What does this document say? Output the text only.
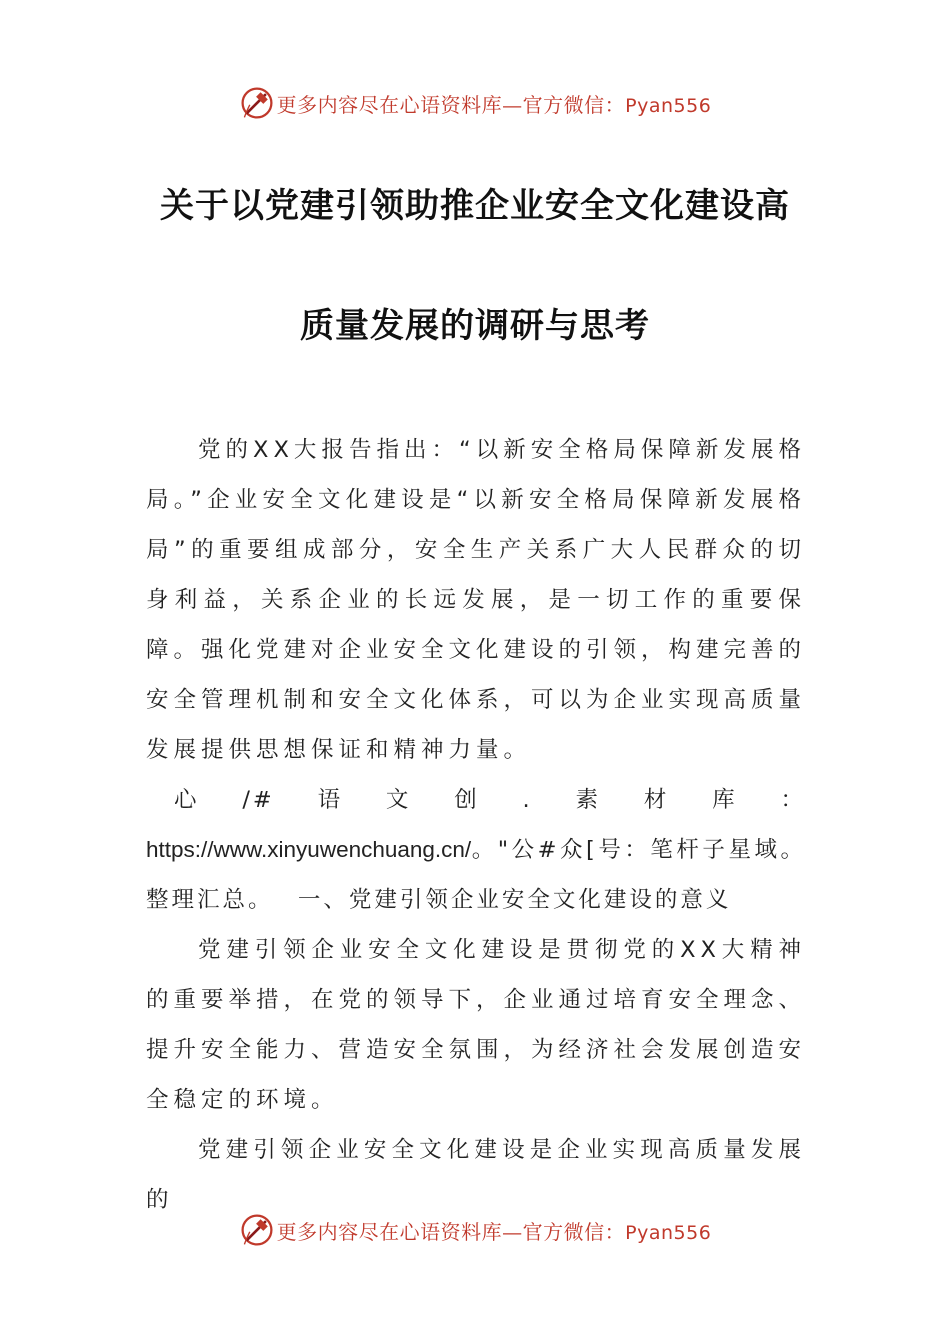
更多内容尽在心语资料库—官方微信：Pyan556
关于以党建引领助推企业安全文化建设高
质量发展的调研与思考

党的XX大报告指出：“以新安全格局保障新发展格局。”企业安全文化建设是“以新安全格局保障新发展格局”的重要组成部分，安全生产关系广大人民群众的切身利益，关系企业的长远发展，是一切工作的重要保障。强化党建对企业安全文化建设的引领，构建完善的安全管理机制和安全文化体系，可以为企业实现高质量发展提供思想保证和精神力量。

心/#语文创.素材库：https://www.xinyuwenchuang.cn/。"公#众[号：笔杆子星域。整理汇总。　 一、党建引领企业安全文化建设的意义

党建引领企业安全文化建设是贯彻党的XX大精神的重要举措，在党的领导下，企业通过培育安全理念、提升安全能力、营造安全氛围，为经济社会发展创造安全稳定的环境。

党建引领企业安全文化建设是企业实现高质量发展的

更多内容尽在心语资料库—官方微信：Pyan556
